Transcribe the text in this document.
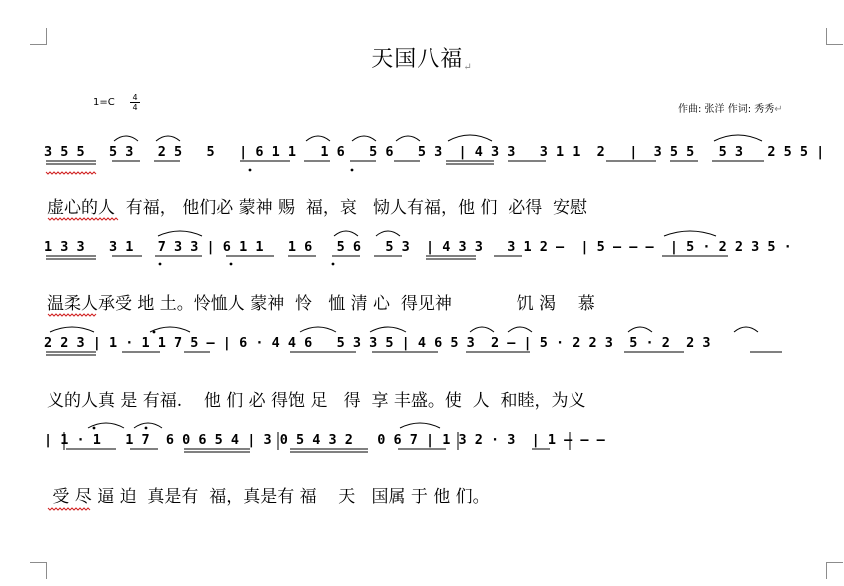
天国八福↵
1=C	4
4	作曲: 张洋 作词: 秀秀↵
3 5 5   5 3   2 5   5   | 6 1 1   1 6   5 6   5 3  | 4 3 3   3 1 1  2   |  3 5 5   5 3   2 5 5 |
虚心的人  有福， 他们必 蒙神 赐  福，哀   恸人有福，他 们  必得  安慰
1 3 3   3 1   7 3 3 | 6 1 1   1 6   5 6   5 3  | 4 3 3   3 1 2 —  | 5 — — —  | 5 · 2 2 3 5 ·
温柔人承受 地 土。怜恤人 蒙神  怜   恤 清 心  得见神            饥 渴    慕
2 2 3 | 1 · 1 1 7 5 — | 6 · 4 4 6   5 3 3 5 | 4 6 5 3  2 — | 5 · 2 2 3  5 · 2  2 3
义的人真 是 有福.    他 们 必 得饱 足   得  享 丰盛。使  人  和睦，为义
| 1 · 1   1 7  6 0 6 5 4 | 3 0 5 4 3 2   0 6 7 | 1 3 2 · 3  | 1 — — —
受 尽 逼 迫  真是有  福，真是有 福    天   国属 于 他 们。
